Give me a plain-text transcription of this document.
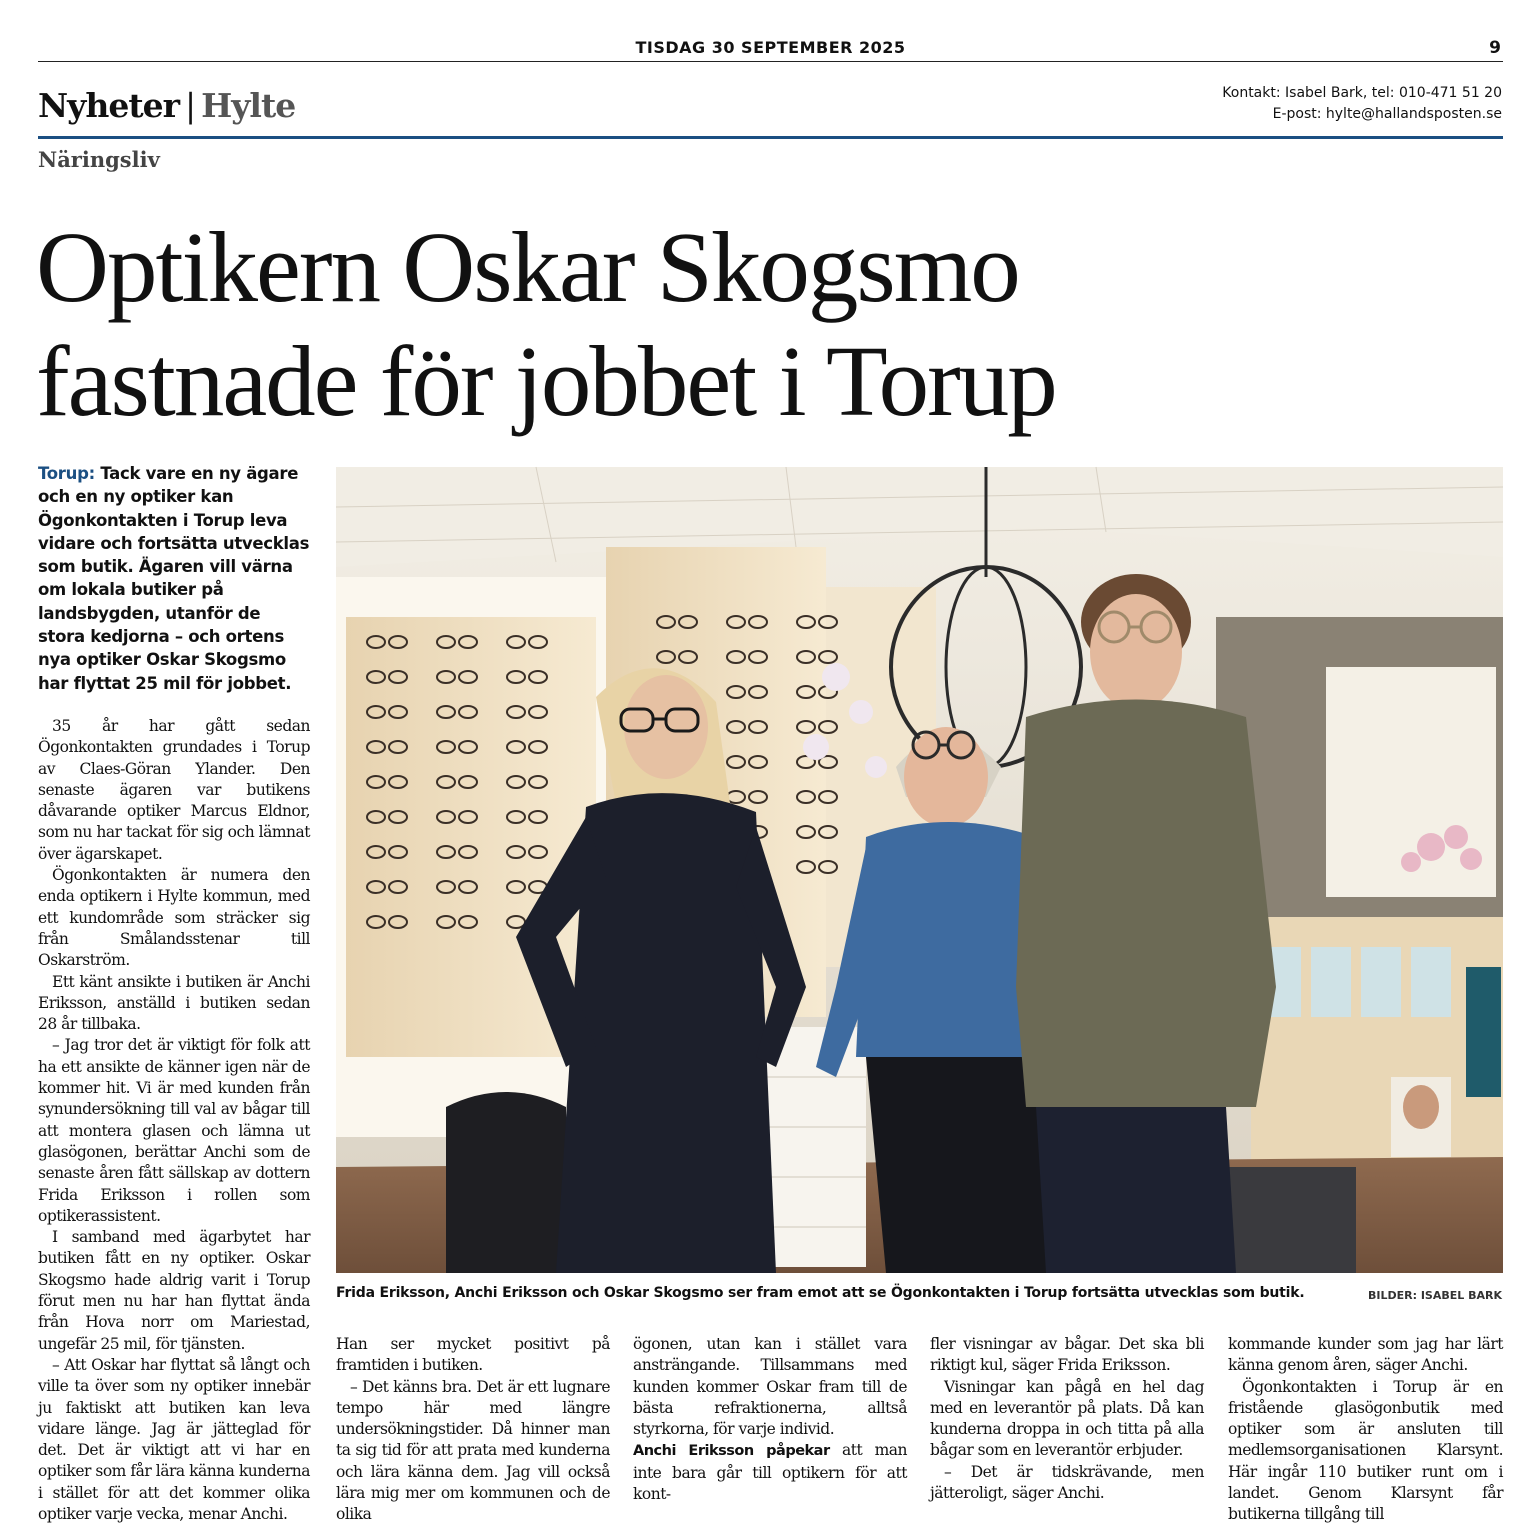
TISDAG 30 SEPTEMBER 2025	9
Nyheter | Hylte	Kontakt: Isabel Bark, tel: 010-471 51 20
E-post: hylte@hallandsposten.se
Näringsliv
Optikern Oskar Skogsmo
fastnade för jobbet i Torup
Torup: Tack vare en ny ägare och en ny optiker kan Ögonkontakten i Torup leva vidare och fortsätta utvecklas som butik. Ägaren vill värna om lokala butiker på landsbygden, utanför de stora kedjorna – och ortens nya optiker Oskar Skogsmo har flyttat 25 mil för jobbet.

35 år har gått sedan Ögonkontakten grundades i Torup av Claes-Göran Ylander. Den senaste ägaren var butikens dåvarande optiker Marcus Eldnor, som nu har tackat för sig och lämnat över ägarskapet.

Ögonkontakten är numera den enda optikern i Hylte kommun, med ett kundområde som sträcker sig från Smålandsstenar till Oskarström.

Ett känt ansikte i butiken är Anchi Eriksson, anställd i butiken sedan 28 år tillbaka.

– Jag tror det är viktigt för folk att ha ett ansikte de känner igen när de kommer hit. Vi är med kunden från synundersökning till val av bågar till att montera glasen och lämna ut glasögonen, berättar Anchi som de senaste åren fått sällskap av dottern Frida Eriksson i rollen som optikerassistent.

I samband med ägarbytet har butiken fått en ny optiker. Oskar Skogsmo hade aldrig varit i Torup förut men nu har han flyttat ända från Hova norr om Mariestad, ungefär 25 mil, för tjänsten.

– Att Oskar har flyttat så långt och ville ta över som ny optiker innebär ju faktiskt att butiken kan leva vidare länge. Jag är jätteglad för det. Det är viktigt att vi har en optiker som får lära känna kunderna i stället för att det kommer olika optiker varje vecka, menar Anchi.

Frida Eriksson, Anchi Eriksson och Oskar Skogsmo ser fram emot att se Ögonkontakten i Torup fortsätta utvecklas som butik.	BILDER: ISABEL BARK

Han ser mycket positivt på framtiden i butiken.

– Det känns bra. Det är ett lugnare tempo här med längre undersökningstider. Då hinner man ta sig tid för att prata med kunderna och lära känna dem. Jag vill också lära mig mer om kommunen och de olika

ögonen, utan kan i stället vara ansträngande. Tillsammans med kunden kommer Oskar fram till de bästa refraktionerna, alltså styrkorna, för varje individ.

Anchi Eriksson påpekar att man inte bara går till optikern för att kont-

fler visningar av bågar. Det ska bli riktigt kul, säger Frida Eriksson.

Visningar kan pågå en hel dag med en leverantör på plats. Då kan kunderna droppa in och titta på alla bågar som en leverantör erbjuder.

– Det är tidskrävande, men jätteroligt, säger Anchi.

kommande kunder som jag har lärt känna genom åren, säger Anchi.

Ögonkontakten i Torup är en fristående glasögonbutik med optiker som är ansluten till medlemsorganisationen Klarsynt. Här ingår 110 butiker runt om i landet. Genom Klarsynt får butikerna tillgång till
